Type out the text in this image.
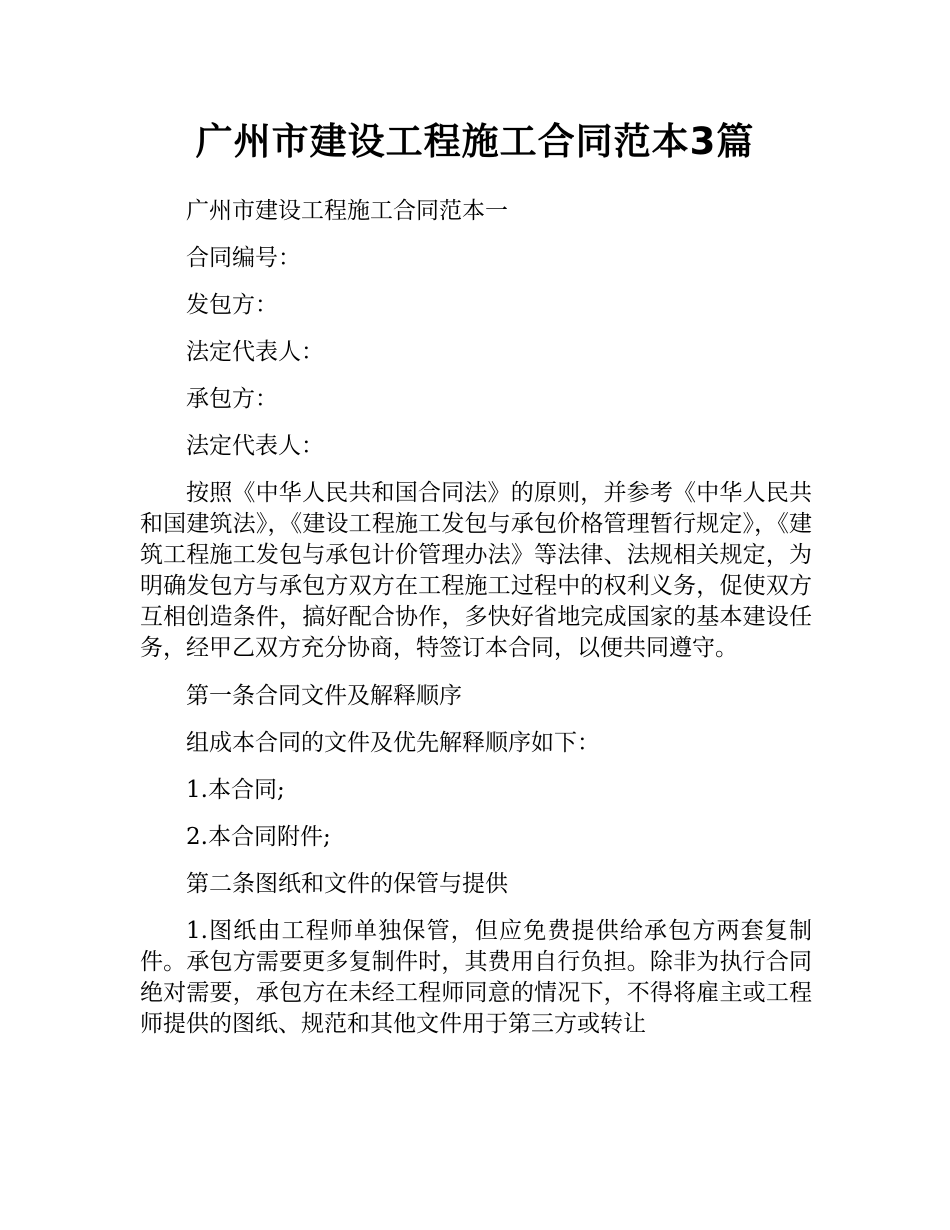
广州市建设工程施工合同范本3篇

广州市建设工程施工合同范本一

合同编号：

发包方：

法定代表人：

承包方：

法定代表人：

按照《中华人民共和国合同法》的原则，并参考《中华人民共和国建筑法》，《建设工程施工发包与承包价格管理暂行规定》，《建筑工程施工发包与承包计价管理办法》等法律、法规相关规定，为明确发包方与承包方双方在工程施工过程中的权利义务，促使双方互相创造条件，搞好配合协作，多快好省地完成国家的基本建设任务，经甲乙双方充分协商，特签订本合同，以便共同遵守。

第一条合同文件及解释顺序

组成本合同的文件及优先解释顺序如下：

1.本合同;

2.本合同附件;

第二条图纸和文件的保管与提供

1.图纸由工程师单独保管，但应免费提供给承包方两套复制件。承包方需要更多复制件时，其费用自行负担。除非为执行合同绝对需要，承包方在未经工程师同意的情况下，不得将雇主或工程师提供的图纸、规范和其他文件用于第三方或转让
